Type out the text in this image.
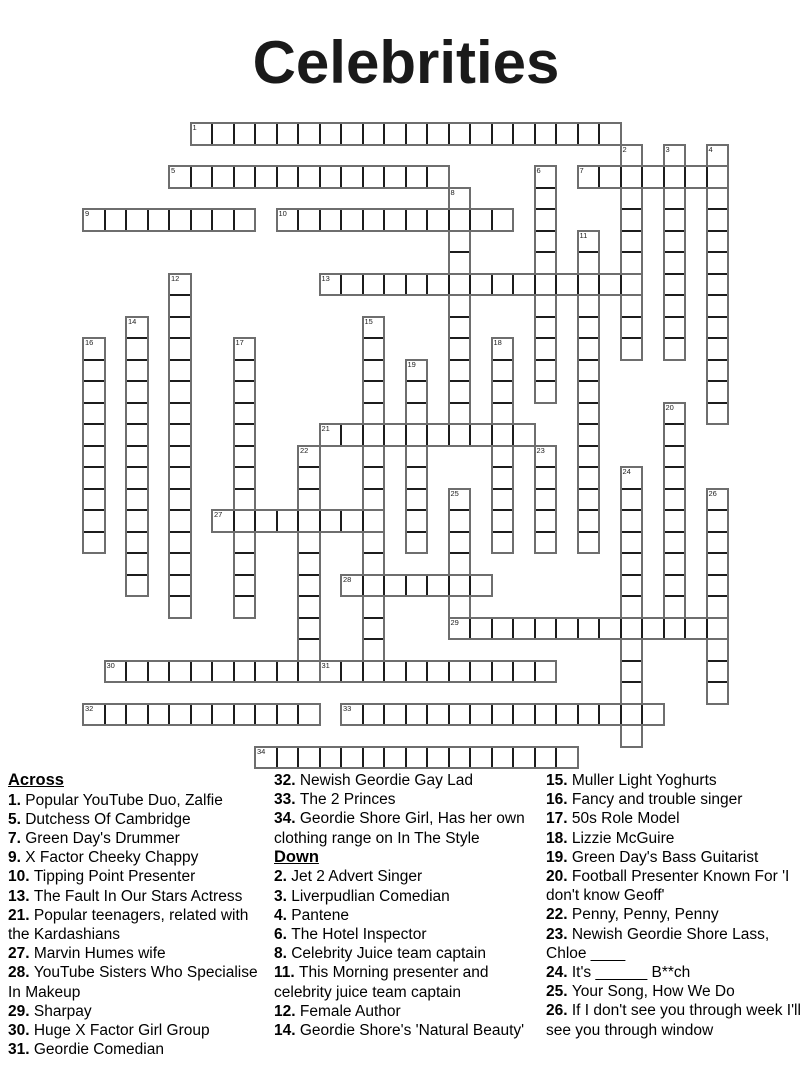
Celebrities
1
2	3	4
5	6	7
8
9	10
11
12	13
14	15
16	17	18
19
20
21
22	23
24
25	26
27
28
29
30	31
32	33
34
Across
1. Popular YouTube Duo, Zalfie
5. Dutchess Of Cambridge
7. Green Day's Drummer
9. X Factor Cheeky Chappy
10. Tipping Point Presenter
13. The Fault In Our Stars Actress
21. Popular teenagers, related with the Kardashians
27. Marvin Humes wife
28. YouTube Sisters Who Specialise In Makeup
29. Sharpay
30. Huge X Factor Girl Group
31. Geordie Comedian
32. Newish Geordie Gay Lad
33. The 2 Princes
34. Geordie Shore Girl, Has her own clothing range on In The Style
Down
2. Jet 2 Advert Singer
3. Liverpudlian Comedian
4. Pantene
6. The Hotel Inspector
8. Celebrity Juice team captain
11. This Morning presenter and celebrity juice team captain
12. Female Author
14. Geordie Shore's 'Natural Beauty'
15. Muller Light Yoghurts
16. Fancy and trouble singer
17. 50s Role Model
18. Lizzie McGuire
19. Green Day's Bass Guitarist
20. Football Presenter Known For 'I don't know Geoff'
22. Penny, Penny, Penny
23. Newish Geordie Shore Lass, Chloe ____
24. It's ______ B**ch
25. Your Song, How We Do
26. If I don't see you through week I'll see you through window
